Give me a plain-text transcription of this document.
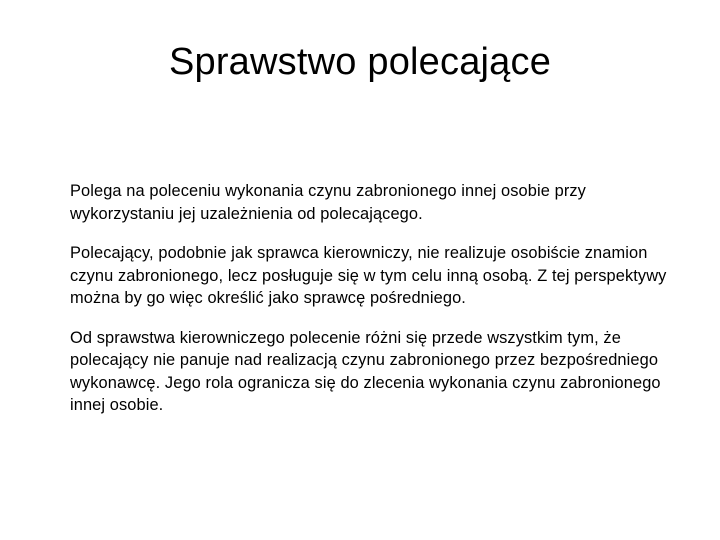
Sprawstwo polecające

Polega na poleceniu wykonania czynu zabronionego innej osobie przy wykorzystaniu jej uzależnienia od polecającego.

Polecający, podobnie jak sprawca kierowniczy, nie realizuje osobiście znamion czynu zabronionego, lecz posługuje się w tym celu inną osobą. Z tej perspektywy można by go więc określić jako sprawcę pośredniego.

Od sprawstwa kierowniczego polecenie różni się przede wszystkim tym, że polecający nie panuje nad realizacją czynu zabronionego przez bezpośredniego wykonawcę. Jego rola ogranicza się do zlecenia wykonania czynu zabronionego innej osobie.
